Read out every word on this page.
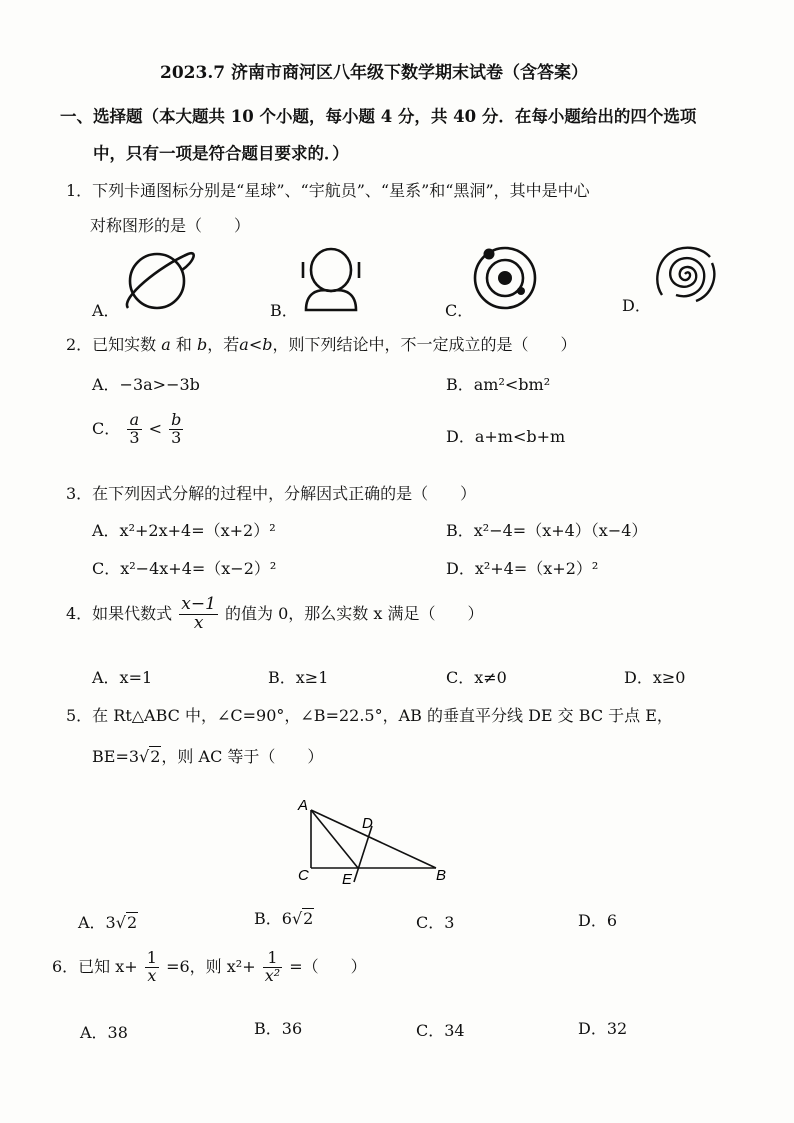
2023.7 济南市商河区八年级下数学期末试卷（含答案）
一、选择题（本大题共 10 个小题，每小题 4 分，共 40 分．在每小题给出的四个选项
中，只有一项是符合题目要求的．）
1．下列卡通图标分别是“星球”、“宇航员”、“星系”和“黑洞”，其中是中心
对称图形的是（　　）
A．	B．	C．	D．
2．已知实数 a 和 b，若a<b，则下列结论中，不一定成立的是（　　）
A．−3a>−3b	B．am²<bm²
C． $\frac{a}{3} < \frac{b}{3}$	D．a+m<b+m
3．在下列因式分解的过程中，分解因式正确的是（　　）
A．x²+2x+4=（x+2）²	B．x²−4=（x+4）（x−4）
C．x²−4x+4=（x−2）²	D．x²+4=（x+2）²
4．如果代数式 $\frac{x-1}{x}$ 的值为 0，那么实数 x 满足（　　）
A．x=1	B．x≥1	C．x≠0	D．x≥0
5．在 Rt△ABC 中，∠C=90°，∠B=22.5°，AB 的垂直平分线 DE 交 BC 于点 E，
BE=3√2，则 AC 等于（　　）
A
D
C E	B
A．3√2	B．6√2	C．3	D．6
6．已知 $x+ \frac{1}{x} =6$，则 $x^2+ \frac{1}{\text{x²}}$ =（　　）
A．38	B．36	C．34	D．32
